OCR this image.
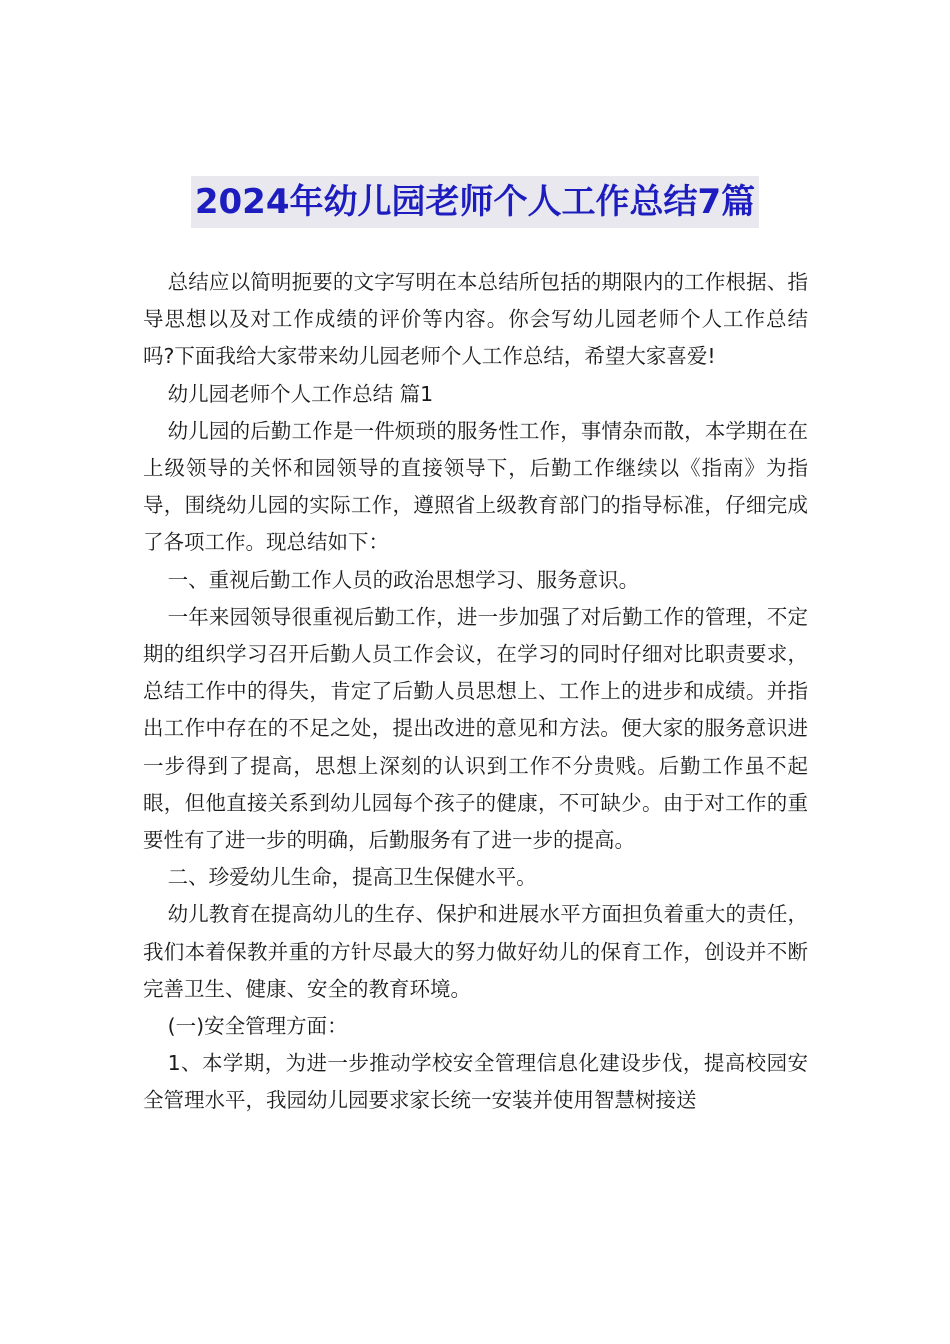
2024年幼儿园老师个人工作总结7篇

总结应以简明扼要的文字写明在本总结所包括的期限内的工作根据、指导思想以及对工作成绩的评价等内容。你会写幼儿园老师个人工作总结吗?下面我给大家带来幼儿园老师个人工作总结，希望大家喜爱!

幼儿园老师个人工作总结 篇1

幼儿园的后勤工作是一件烦琐的服务性工作，事情杂而散，本学期在在上级领导的关怀和园领导的直接领导下，后勤工作继续以《指南》为指导，围绕幼儿园的实际工作，遵照省上级教育部门的指导标准，仔细完成了各项工作。现总结如下：

一、重视后勤工作人员的政治思想学习、服务意识。

一年来园领导很重视后勤工作，进一步加强了对后勤工作的管理，不定期的组织学习召开后勤人员工作会议，在学习的同时仔细对比职责要求，总结工作中的得失，肯定了后勤人员思想上、工作上的进步和成绩。并指出工作中存在的不足之处，提出改进的意见和方法。便大家的服务意识进一步得到了提高，思想上深刻的认识到工作不分贵贱。后勤工作虽不起眼，但他直接关系到幼儿园每个孩子的健康，不可缺少。由于对工作的重要性有了进一步的明确，后勤服务有了进一步的提高。

二、珍爱幼儿生命，提高卫生保健水平。

幼儿教育在提高幼儿的生存、保护和进展水平方面担负着重大的责任，我们本着保教并重的方针尽最大的努力做好幼儿的保育工作，创设并不断完善卫生、健康、安全的教育环境。

(一)安全管理方面：

1、本学期，为进一步推动学校安全管理信息化建设步伐，提高校园安全管理水平，我园幼儿园要求家长统一安装并使用智慧树接送
